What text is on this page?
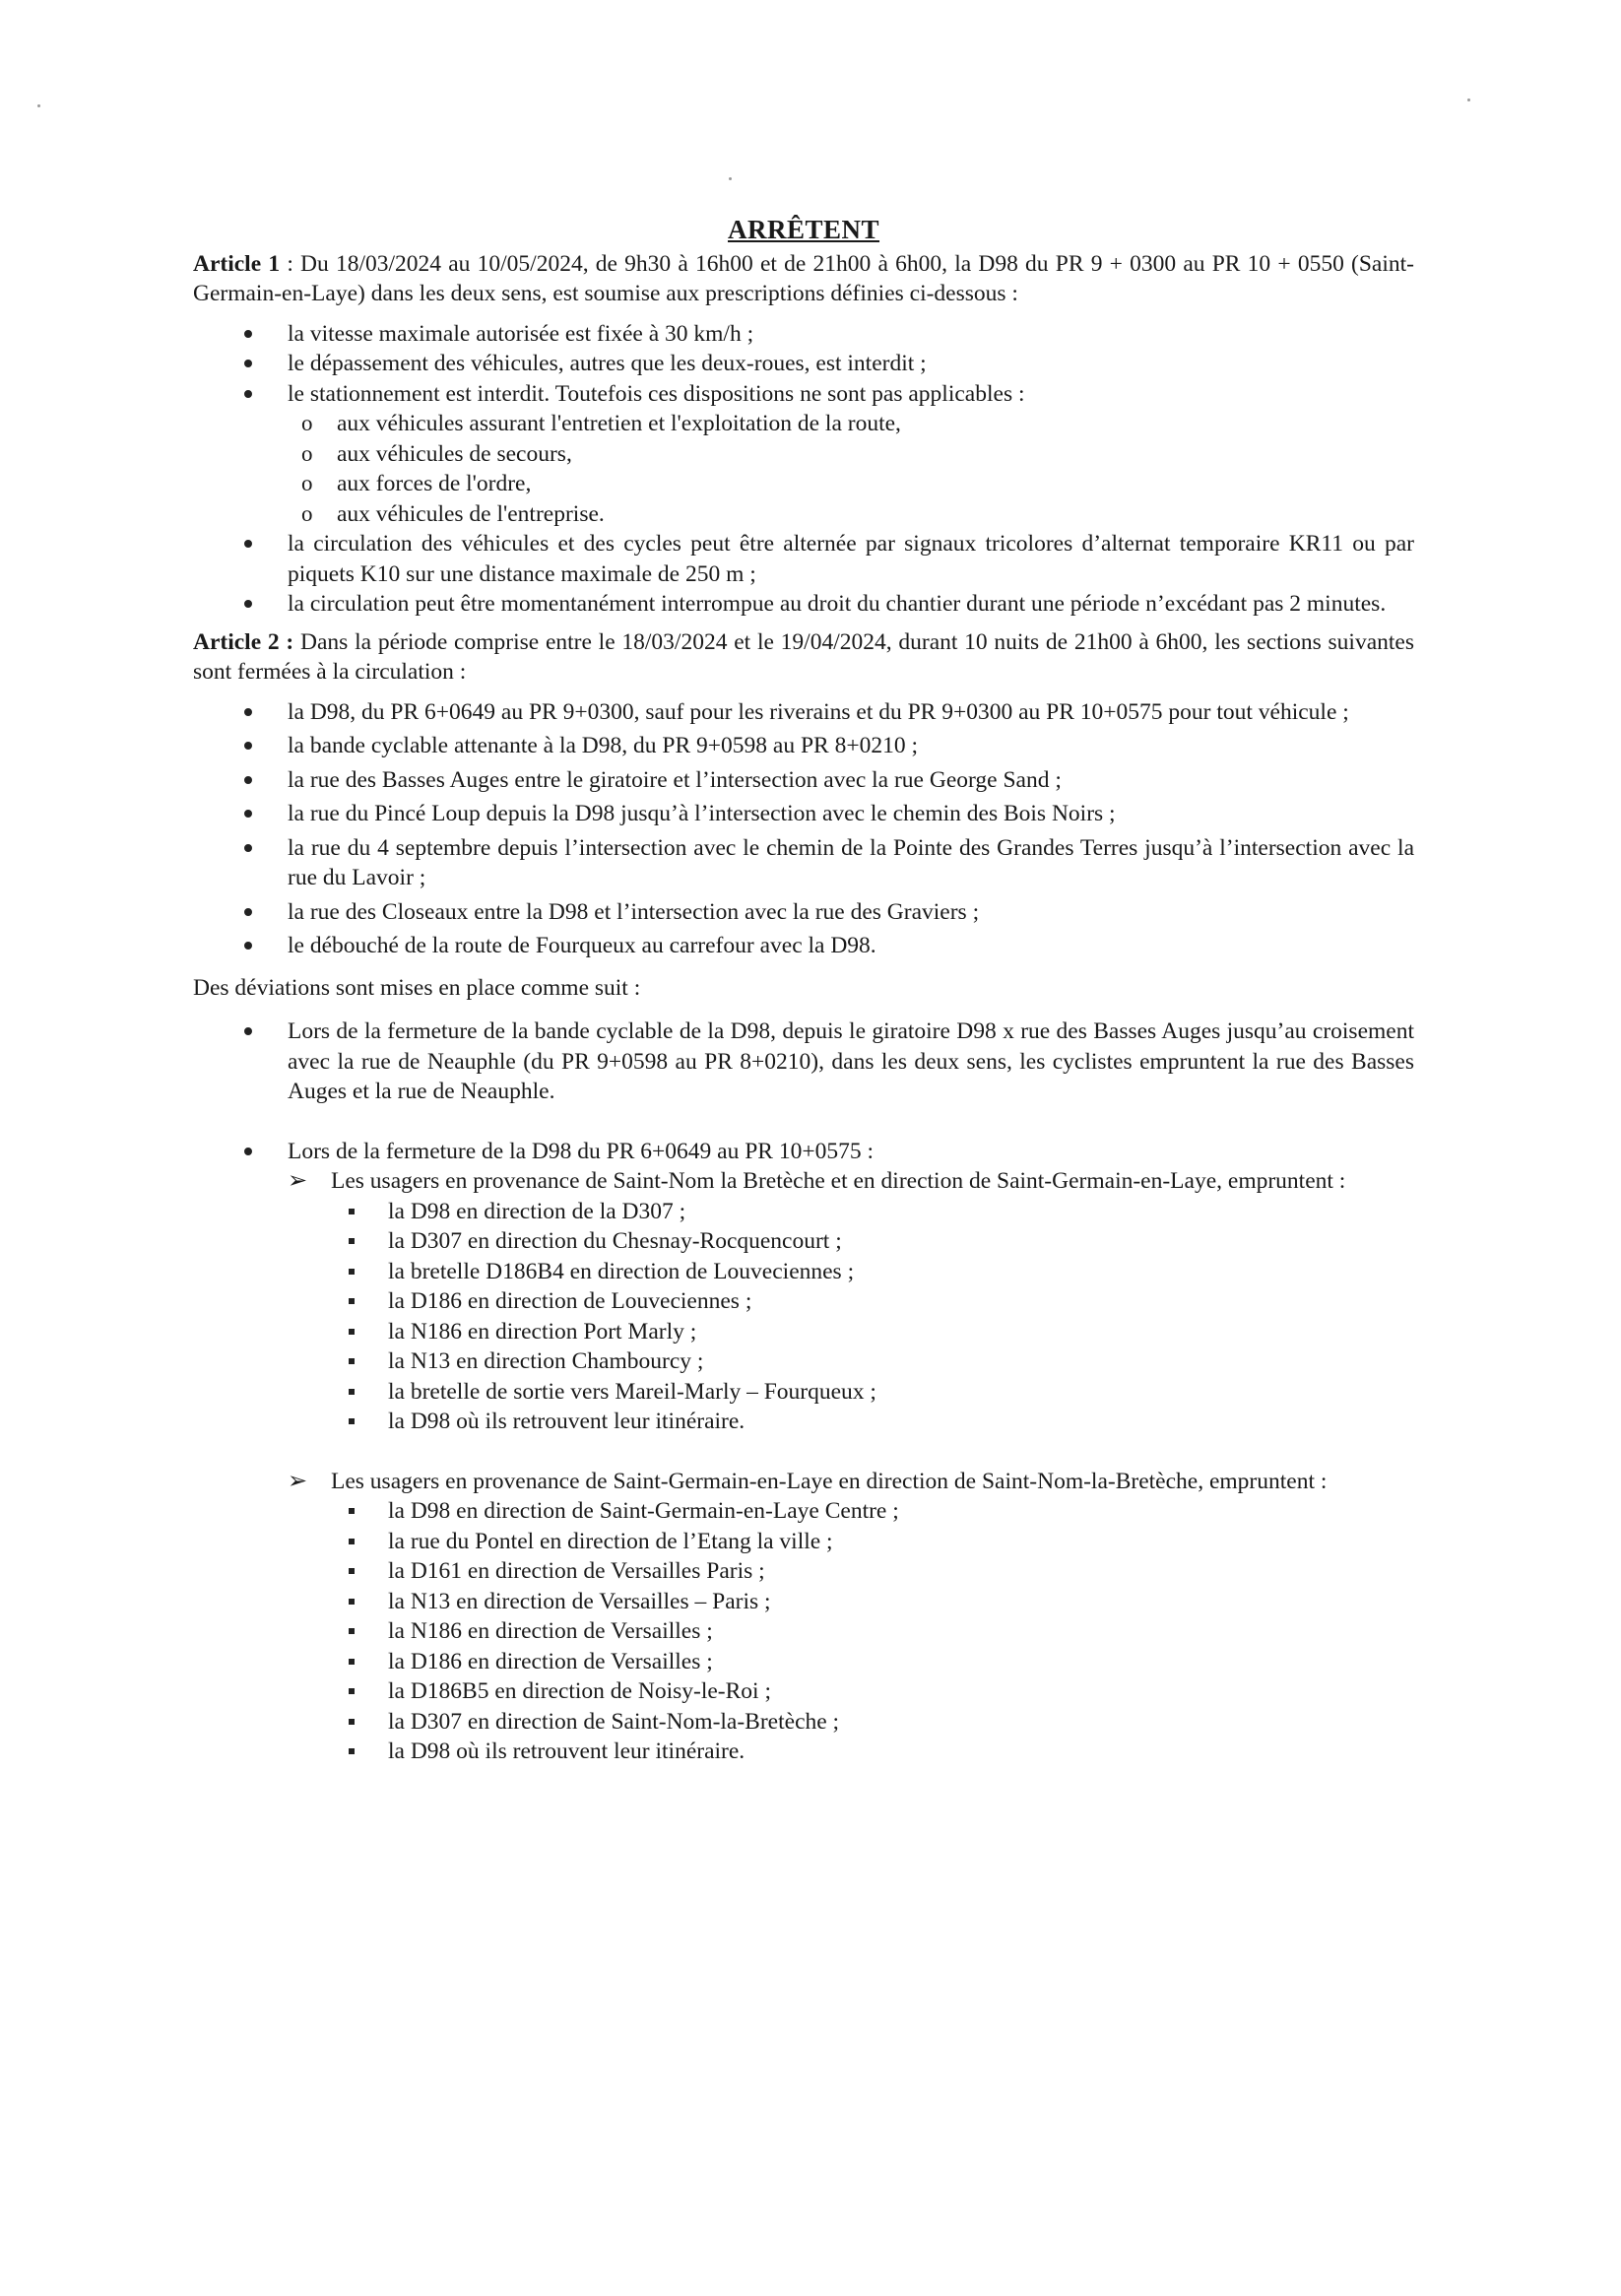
ARRÊTENT

Article 1 : Du 18/03/2024 au 10/05/2024, de 9h30 à 16h00 et de 21h00 à 6h00, la D98 du PR 9 + 0300 au PR 10 + 0550 (Saint-Germain-en-Laye) dans les deux sens, est soumise aux prescriptions définies ci-dessous :

la vitesse maximale autorisée est fixée à 30 km/h ;
le dépassement des véhicules, autres que les deux-roues, est interdit ;
le stationnement est interdit. Toutefois ces dispositions ne sont pas applicables :
o aux véhicules assurant l'entretien et l'exploitation de la route,
o aux véhicules de secours,
o aux forces de l'ordre,
o aux véhicules de l'entreprise.
la circulation des véhicules et des cycles peut être alternée par signaux tricolores d’alternat temporaire KR11 ou par piquets K10 sur une distance maximale de 250 m ;
la circulation peut être momentanément interrompue au droit du chantier durant une période n’excédant pas 2 minutes.

Article 2 : Dans la période comprise entre le 18/03/2024 et le 19/04/2024, durant 10 nuits de 21h00 à 6h00, les sections suivantes sont fermées à la circulation :

la D98, du PR 6+0649 au PR 9+0300, sauf pour les riverains et du PR 9+0300 au PR 10+0575 pour tout véhicule ;
la bande cyclable attenante à la D98, du PR 9+0598 au PR 8+0210 ;
la rue des Basses Auges entre le giratoire et l’intersection avec la rue George Sand ;
la rue du Pincé Loup depuis la D98 jusqu’à l’intersection avec le chemin des Bois Noirs ;
la rue du 4 septembre depuis l’intersection avec le chemin de la Pointe des Grandes Terres jusqu’à l’intersection avec la rue du Lavoir ;
la rue des Closeaux entre la D98 et l’intersection avec la rue des Graviers ;
le débouché de la route de Fourqueux au carrefour avec la D98.

Des déviations sont mises en place comme suit :

Lors de la fermeture de la bande cyclable de la D98, depuis le giratoire D98 x rue des Basses Auges jusqu’au croisement avec la rue de Neauphle (du PR 9+0598 au PR 8+0210), dans les deux sens, les cyclistes empruntent la rue des Basses Auges et la rue de Neauphle.
Lors de la fermeture de la D98 du PR 6+0649 au PR 10+0575 :
➢ Les usagers en provenance de Saint-Nom la Bretèche et en direction de Saint-Germain-en-Laye, empruntent :
la D98 en direction de la D307 ;
la D307 en direction du Chesnay-Rocquencourt ;
la bretelle D186B4 en direction de Louveciennes ;
la D186 en direction de Louveciennes ;
la N186 en direction Port Marly ;
la N13 en direction Chambourcy ;
la bretelle de sortie vers Mareil-Marly – Fourqueux ;
la D98 où ils retrouvent leur itinéraire.
➢ Les usagers en provenance de Saint-Germain-en-Laye en direction de Saint-Nom-la-Bretèche, empruntent :
la D98 en direction de Saint-Germain-en-Laye Centre ;
la rue du Pontel en direction de l’Etang la ville ;
la D161 en direction de Versailles Paris ;
la N13 en direction de Versailles – Paris ;
la N186 en direction de Versailles ;
la D186 en direction de Versailles ;
la D186B5 en direction de Noisy-le-Roi ;
la D307 en direction de Saint-Nom-la-Bretèche ;
la D98 où ils retrouvent leur itinéraire.
